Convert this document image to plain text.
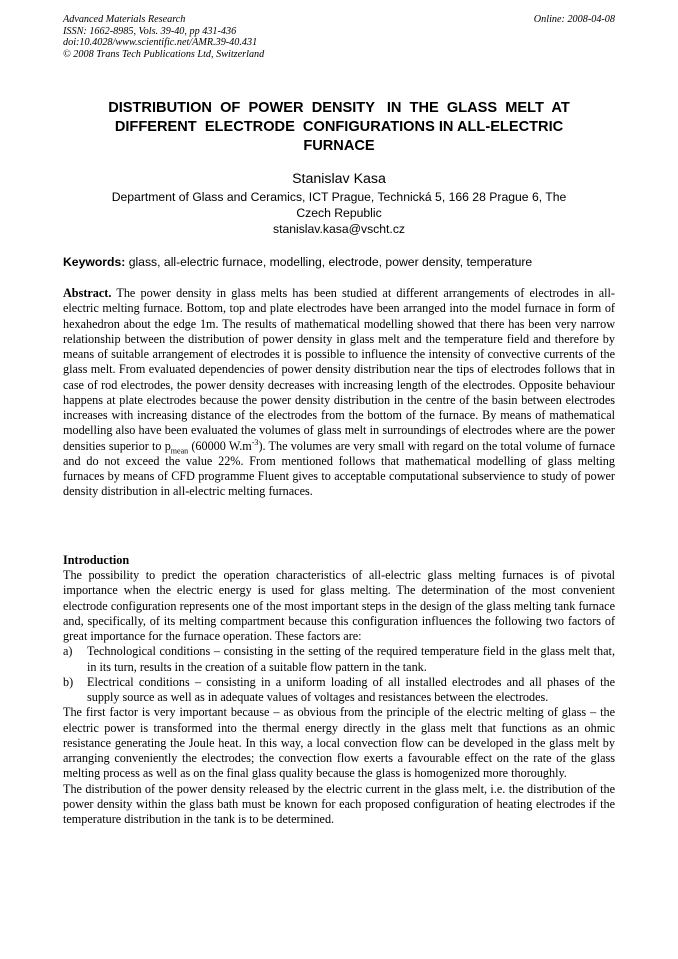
Advanced Materials Research
ISSN: 1662-8985, Vols. 39-40, pp 431-436
doi:10.4028/www.scientific.net/AMR.39-40.431
© 2008 Trans Tech Publications Ltd, Switzerland
Online: 2008-04-08
DISTRIBUTION  OF  POWER  DENSITY   IN  THE  GLASS  MELT  AT
DIFFERENT  ELECTRODE  CONFIGURATIONS IN ALL-ELECTRIC
FURNACE
Stanislav Kasa
Department of Glass and Ceramics, ICT Prague, Technická 5, 166 28 Prague 6, The
Czech Republic
stanislav.kasa@vscht.cz
Keywords: glass, all-electric furnace, modelling, electrode, power density, temperature
Abstract. The power density in glass melts has been studied at different arrangements of electrodes in all-electric melting furnace. Bottom, top and plate electrodes have been arranged into the model furnace in form of hexahedron about the edge 1m. The results of mathematical modelling showed that there has been very narrow relationship between the distribution of power density in glass melt and the temperature field and therefore by means of suitable arrangement of electrodes it is possible to influence the intensity of convective currents of the glass melt. From evaluated dependencies of power density distribution near the tips of electrodes follows that in case of rod electrodes, the power density decreases with increasing length of the electrodes. Opposite behaviour happens at plate electrodes because the power density distribution in the centre of the basin between electrodes increases with increasing distance of the electrodes from the bottom of the furnace. By means of mathematical modelling also have been evaluated the volumes of glass melt in surroundings of electrodes where are the power densities superior to $p_{mean}$ (60000 $W.m^{-3}$). The volumes are very small with regard on the total volume of furnace and do not exceed the value 22%. From mentioned follows that mathematical modelling of glass melting furnaces by means of CFD programme Fluent gives to acceptable computational subservience to study of power density distribution in all-electric melting furnaces.
Introduction

The possibility to predict the operation characteristics of all-electric glass melting furnaces is of pivotal importance when the electric energy is used for glass melting. The determination of the most convenient electrode configuration represents one of the most important steps in the design of the glass melting tank furnace and, specifically, of its melting compartment because this configuration influences the following two factors of great importance for the furnace operation. These factors are:

a)	Technological conditions – consisting in the setting of the required temperature field in the glass melt that, in its turn, results in the creation of a suitable flow pattern in the tank.
b)	Electrical conditions – consisting in a uniform loading of all installed electrodes and all phases of the supply source as well as in adequate values of voltages and resistances between the electrodes.

The first factor is very important because – as obvious from the principle of the electric melting of glass – the electric power is transformed into the thermal energy directly in the glass melt that functions as an ohmic resistance generating the Joule heat. In this way, a local convection flow can be developed in the glass melt by arranging conveniently the electrodes; the convection flow exerts a favourable effect on the rate of the glass melting process as well as on the final glass quality because the glass is homogenized more thoroughly.

The distribution of the power density released by the electric current in the glass melt, i.e. the distribution of the power density within the glass bath must be known for each proposed configuration of heating electrodes if the temperature distribution in the tank is to be determined.
